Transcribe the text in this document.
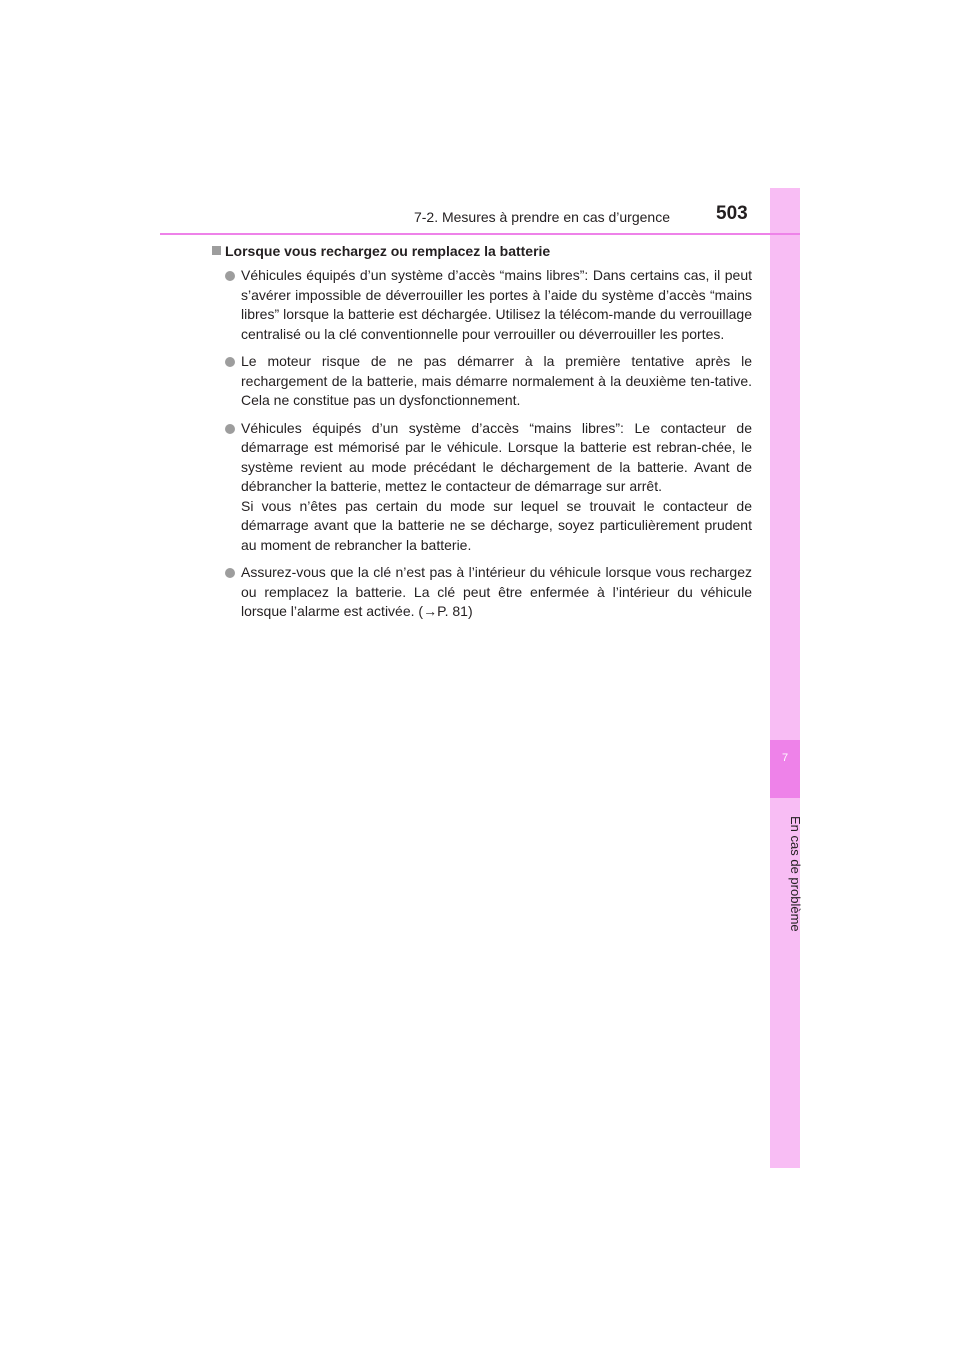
7
En cas de problème
7-2. Mesures à prendre en cas d’urgence 503
Lorsque vous rechargez ou remplacez la batterie
Véhicules équipés d’un système d’accès “mains libres”: Dans certains cas, il peut s’avérer impossible de déverrouiller les portes à l’aide du système d’accès “mains libres” lorsque la batterie est déchargée. Utilisez la télécom-mande du verrouillage centralisé ou la clé conventionnelle pour verrouiller ou déverrouiller les portes.
Le moteur risque de ne pas démarrer à la première tentative après le rechargement de la batterie, mais démarre normalement à la deuxième ten-tative. Cela ne constitue pas un dysfonctionnement.
Véhicules équipés d’un système d’accès “mains libres”: Le contacteur de démarrage est mémorisé par le véhicule. Lorsque la batterie est rebran-chée, le système revient au mode précédant le déchargement de la batterie. Avant de débrancher la batterie, mettez le contacteur de démarrage sur arrêt.
Si vous n’êtes pas certain du mode sur lequel se trouvait le contacteur de démarrage avant que la batterie ne se décharge, soyez particulièrement prudent au moment de rebrancher la batterie.
Assurez-vous que la clé n’est pas à l’intérieur du véhicule lorsque vous rechargez ou remplacez la batterie. La clé peut être enfermée à l’intérieur du véhicule lorsque l’alarme est activée. (→P. 81)
